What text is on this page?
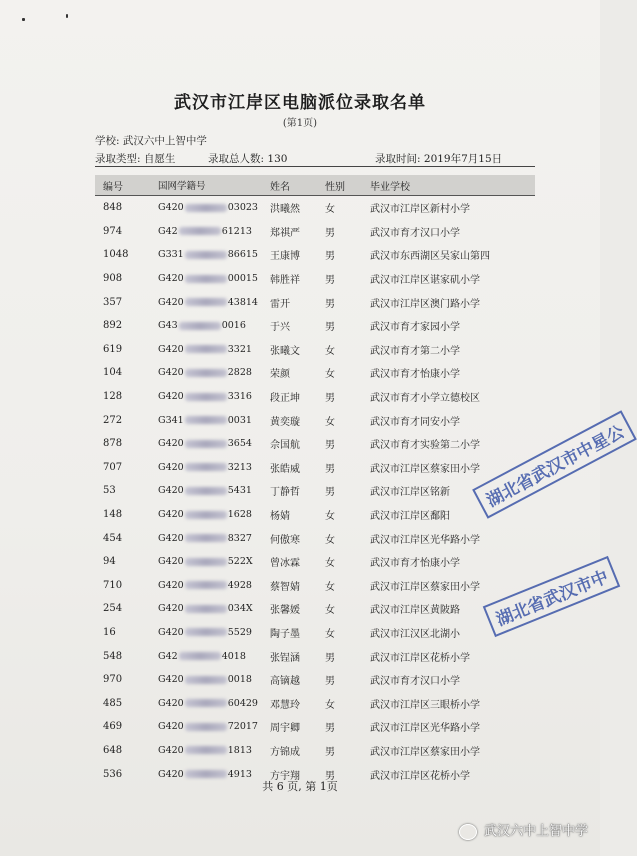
武汉市江岸区电脑派位录取名单
(第1页)
学校: 武汉六中上智中学
录取类型: 自愿生	录取总人数: 130	录取时间: 2019年7月15日
编号	国网学籍号	姓名	性别	毕业学校
848	G420 03023	洪曦然	女	武汉市江岸区新村小学
974	G42 61213	郑祺严	男	武汉市育才汉口小学
1048	G331 86615	王康博	男	武汉市东西湖区吴家山第四
908	G420 00015	韩胜祥	男	武汉市江岸区谌家矶小学
357	G420 43814	雷开	男	武汉市江岸区澳门路小学
892	G43 0016	于兴	男	武汉市育才家园小学
619	G420 3321	张曦文	女	武汉市育才第二小学
104	G420 2828	荣颜	女	武汉市育才怡康小学
128	G420 3316	段正坤	男	武汉市育才小学立德校区
272	G341 0031	黄奕璇	女	武汉市育才同安小学
878	G420 3654	佘国航	男	武汉市育才实验第二小学
707	G420 3213	张皓威	男	武汉市江岸区蔡家田小学
53	G420 5431	丁静哲	男	武汉市江岸区铭新
148	G420 1628	杨婧	女	武汉市江岸区鄱阳
454	G420 8327	何傲寒	女	武汉市江岸区光华路小学
94	G420 522X	曾冰霖	女	武汉市育才怡康小学
710	G420 4928	蔡智婧	女	武汉市江岸区蔡家田小学
254	G420 034X	张馨媛	女	武汉市江岸区黄陂路
16	G420 5529	陶子墨	女	武汉市江汉区北湖小
548	G42 4018	张锃涵	男	武汉市江岸区花桥小学
970	G420 0018	高镝越	男	武汉市育才汉口小学
485	G420 60429	邓慧玲	女	武汉市江岸区三眼桥小学
469	G420 72017	周宇卿	男	武汉市江岸区光华路小学
648	G420 1813	方锦成	男	武汉市江岸区蔡家田小学
536	G420 4913	方宇翔	男	武汉市江岸区花桥小学
湖北省武汉市中星公
湖北省武汉市中
共 6 页, 第 1页
武汉六中上智中学
